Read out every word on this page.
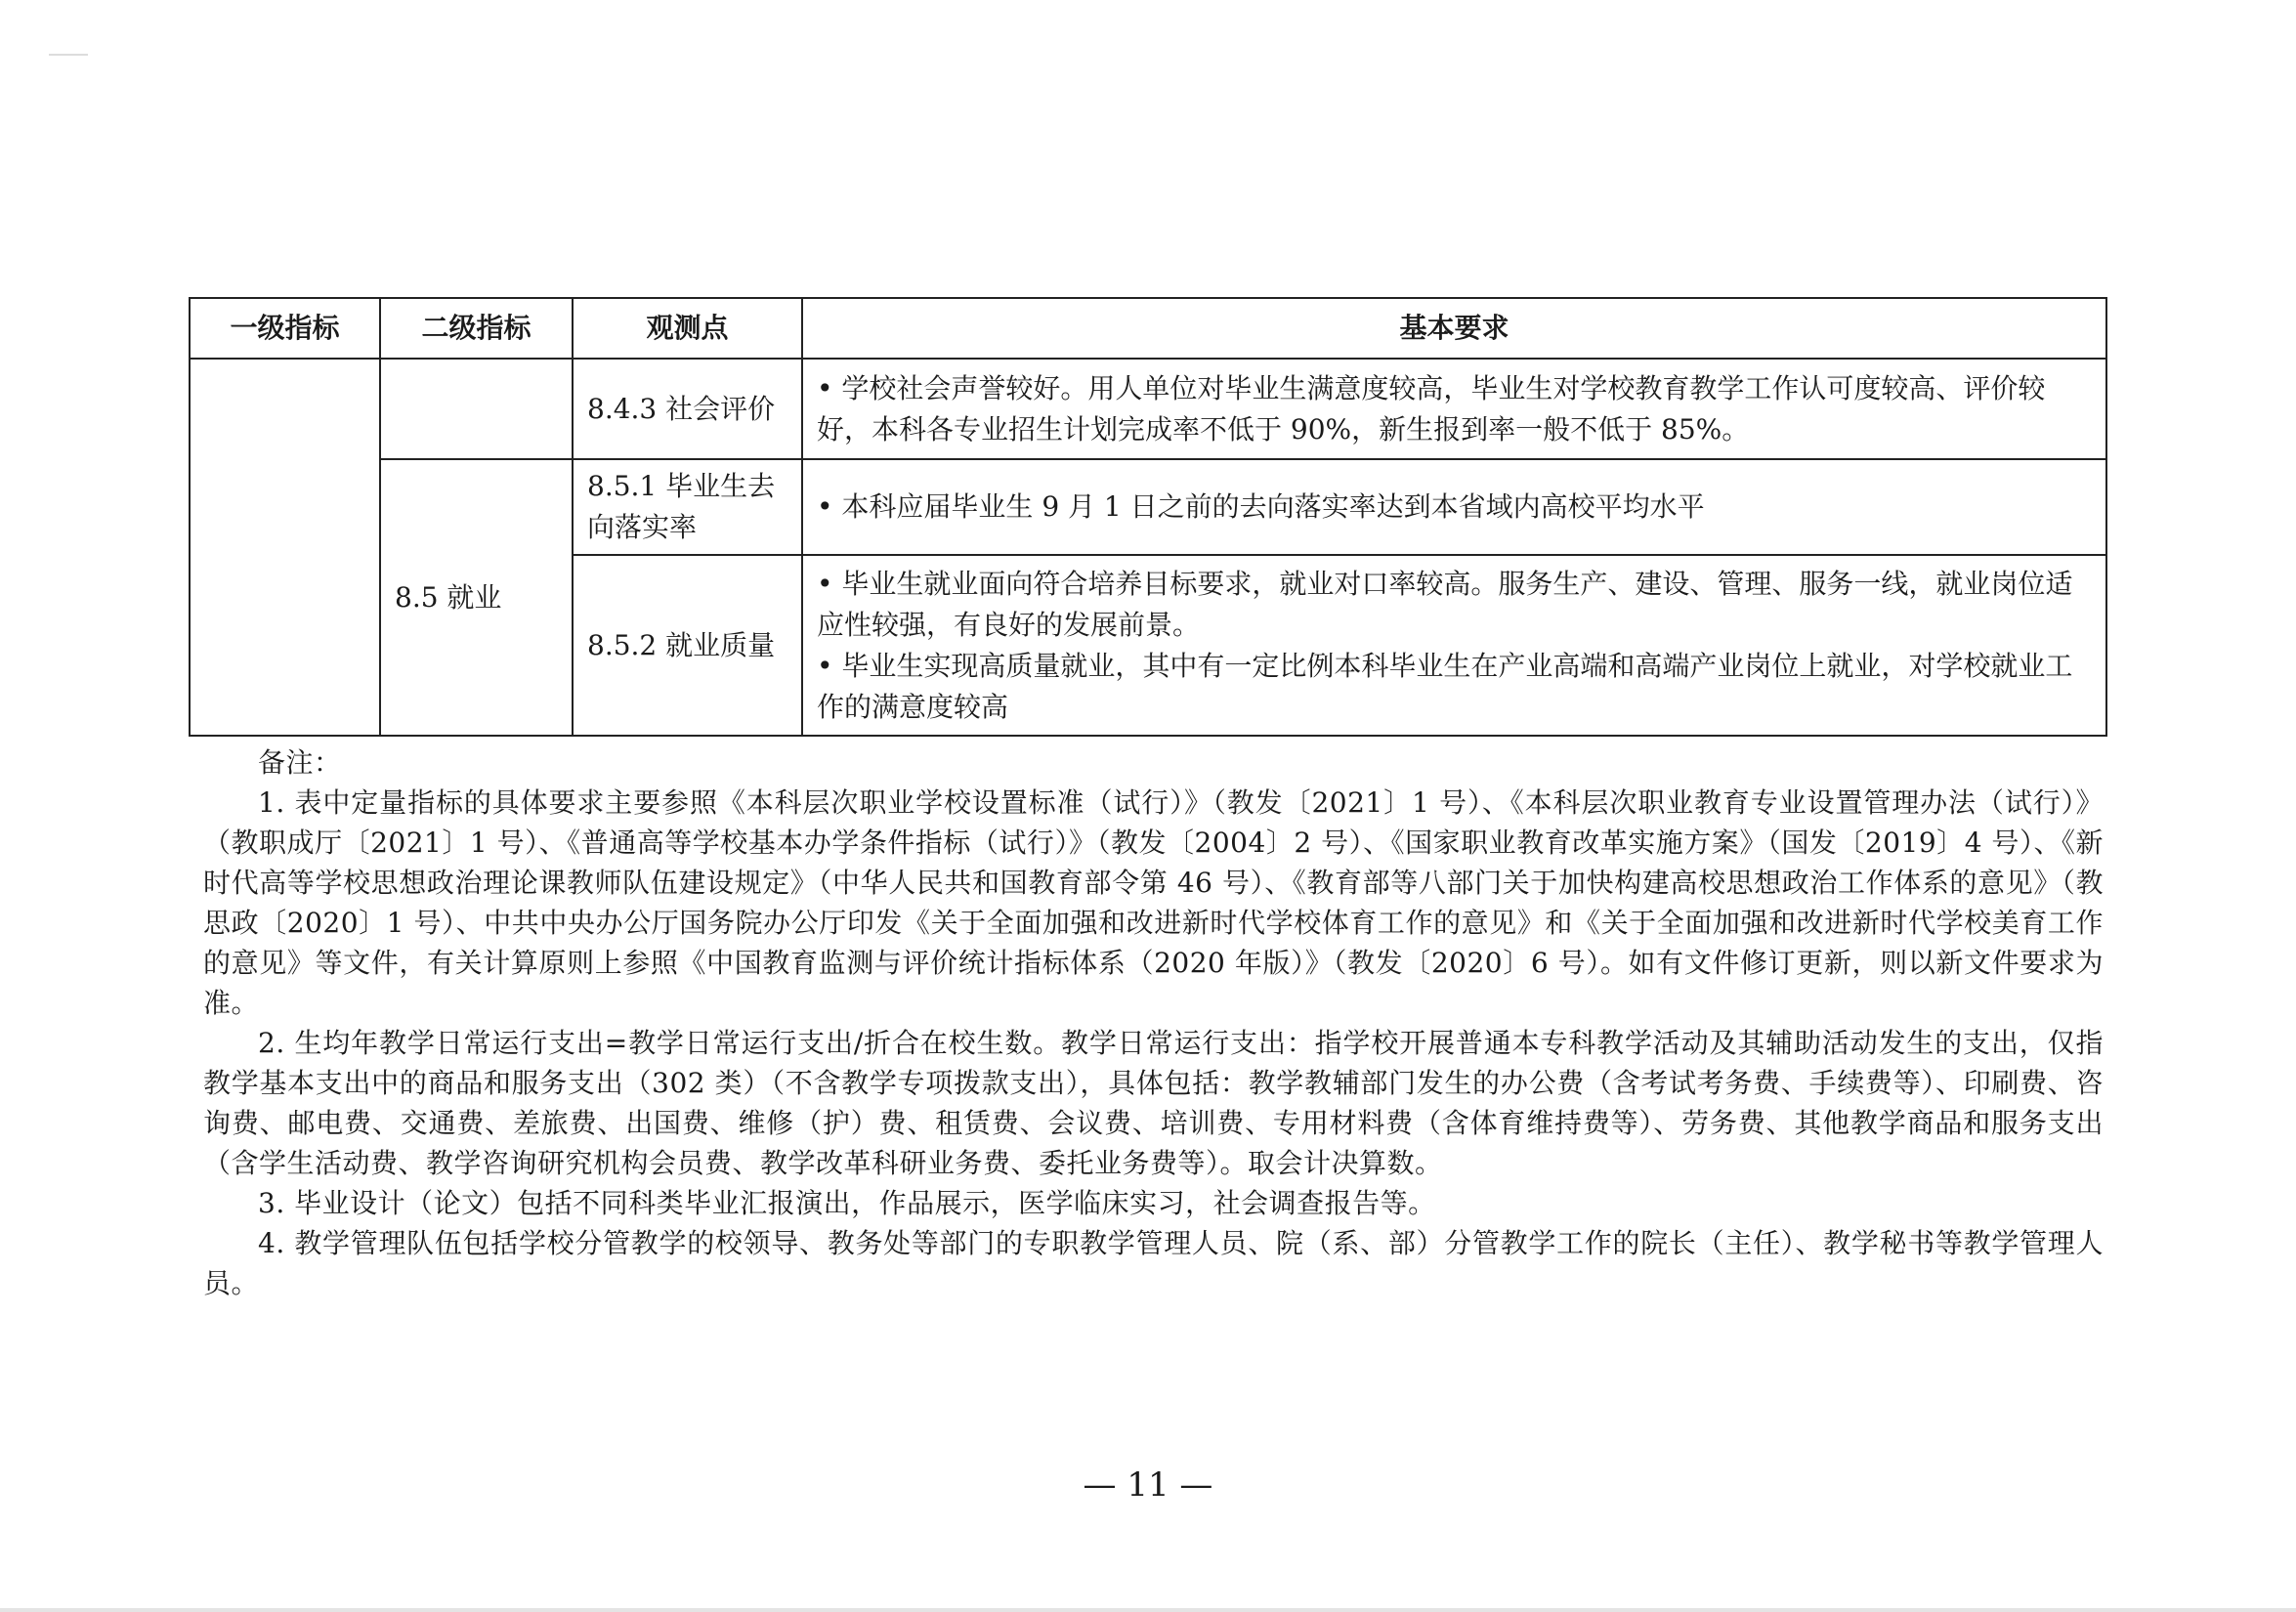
一级指标	二级指标	观测点	基本要求
		8.4.3 社会评价	• 学校社会声誉较好。用人单位对毕业生满意度较高，毕业生对学校教育教学工作认可度较高、评价较好，本科各专业招生计划完成率不低于 90%，新生报到率一般不低于 85%。

	8.5 就业	8.5.1 毕业生去向落实率	• 本科应届毕业生 9 月 1 日之前的去向落实率达到本省域内高校平均水平

		8.5.2 就业质量	• 毕业生就业面向符合培养目标要求，就业对口率较高。服务生产、建设、管理、服务一线，就业岗位适应性较强，有良好的发展前景。
• 毕业生实现高质量就业，其中有一定比例本科毕业生在产业高端和高端产业岗位上就业，对学校就业工作的满意度较高

备注：

1. 表中定量指标的具体要求主要参照《本科层次职业学校设置标准（试行）》（教发〔2021〕1 号）、《本科层次职业教育专业设置管理办法（试行）》（教职成厅〔2021〕1 号）、《普通高等学校基本办学条件指标（试行）》（教发〔2004〕2 号）、《国家职业教育改革实施方案》（国发〔2019〕4 号）、《新时代高等学校思想政治理论课教师队伍建设规定》（中华人民共和国教育部令第 46 号）、《教育部等八部门关于加快构建高校思想政治工作体系的意见》（教思政〔2020〕1 号）、中共中央办公厅国务院办公厅印发《关于全面加强和改进新时代学校体育工作的意见》和《关于全面加强和改进新时代学校美育工作的意见》等文件，有关计算原则上参照《中国教育监测与评价统计指标体系（2020 年版）》（教发〔2020〕6 号）。如有文件修订更新，则以新文件要求为准。

2. 生均年教学日常运行支出=教学日常运行支出/折合在校生数。教学日常运行支出：指学校开展普通本专科教学活动及其辅助活动发生的支出，仅指教学基本支出中的商品和服务支出（302 类）（不含教学专项拨款支出），具体包括：教学教辅部门发生的办公费（含考试考务费、手续费等）、印刷费、咨询费、邮电费、交通费、差旅费、出国费、维修（护）费、租赁费、会议费、培训费、专用材料费（含体育维持费等）、劳务费、其他教学商品和服务支出（含学生活动费、教学咨询研究机构会员费、教学改革科研业务费、委托业务费等）。取会计决算数。

3. 毕业设计（论文）包括不同科类毕业汇报演出，作品展示，医学临床实习，社会调查报告等。

4. 教学管理队伍包括学校分管教学的校领导、教务处等部门的专职教学管理人员、院（系、部）分管教学工作的院长（主任）、教学秘书等教学管理人员。

— 11 —
